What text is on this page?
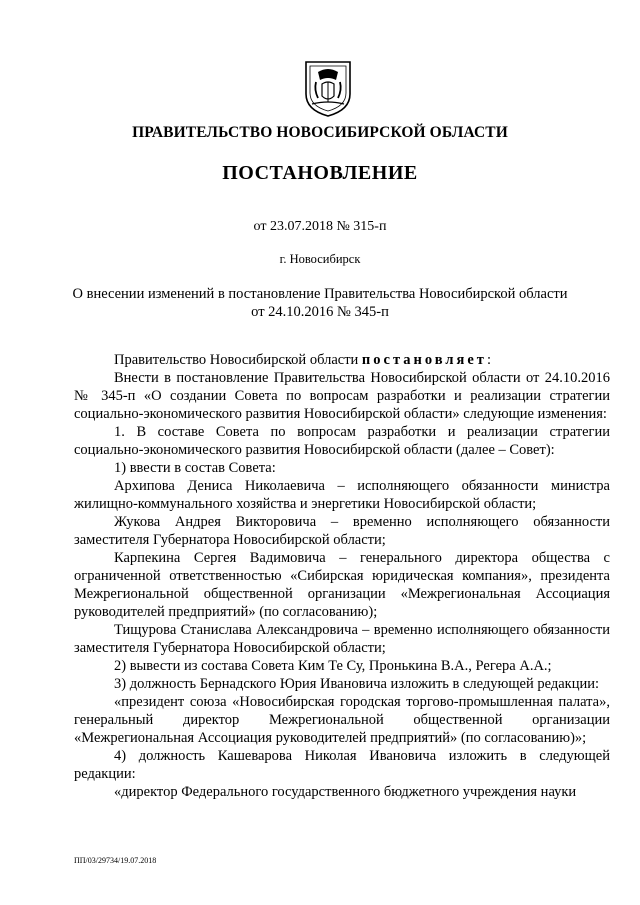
ПРАВИТЕЛЬСТВО НОВОСИБИРСКОЙ ОБЛАСТИ
ПОСТАНОВЛЕНИЕ
от 23.07.2018 № 315-п
г. Новосибирск
О внесении изменений в постановление Правительства Новосибирской области
от 24.10.2016 № 345-п

Правительство Новосибирской области постановляет:

Внести в постановление Правительства Новосибирской области от 24.10.2016 № 345-п «О создании Совета по вопросам разработки и реализации стратегии социально-экономического развития Новосибирской области» следующие изменения:

1. В составе Совета по вопросам разработки и реализации стратегии социально-экономического развития Новосибирской области (далее – Совет):

1) ввести в состав Совета:

Архипова Дениса Николаевича – исполняющего обязанности министра жилищно-коммунального хозяйства и энергетики Новосибирской области;

Жукова Андрея Викторовича – временно исполняющего обязанности заместителя Губернатора Новосибирской области;

Карпекина Сергея Вадимовича – генерального директора общества с ограниченной ответственностью «Сибирская юридическая компания», президента Межрегиональной общественной организации «Межрегиональная Ассоциация руководителей предприятий» (по согласованию);

Тищурова Станислава Александровича – временно исполняющего обязанности заместителя Губернатора Новосибирской области;

2) вывести из состава Совета Ким Те Су, Пронькина В.А., Регера А.А.;

3) должность Бернадского Юрия Ивановича изложить в следующей редакции:

«президент союза «Новосибирская городская торгово-промышленная палата», генеральный директор Межрегиональной общественной организации «Межрегиональная Ассоциация руководителей предприятий» (по согласованию)»;

4) должность Кашеварова Николая Ивановича изложить в следующей редакции:

«директор Федерального государственного бюджетного учреждения науки

ПП/03/29734/19.07.2018
